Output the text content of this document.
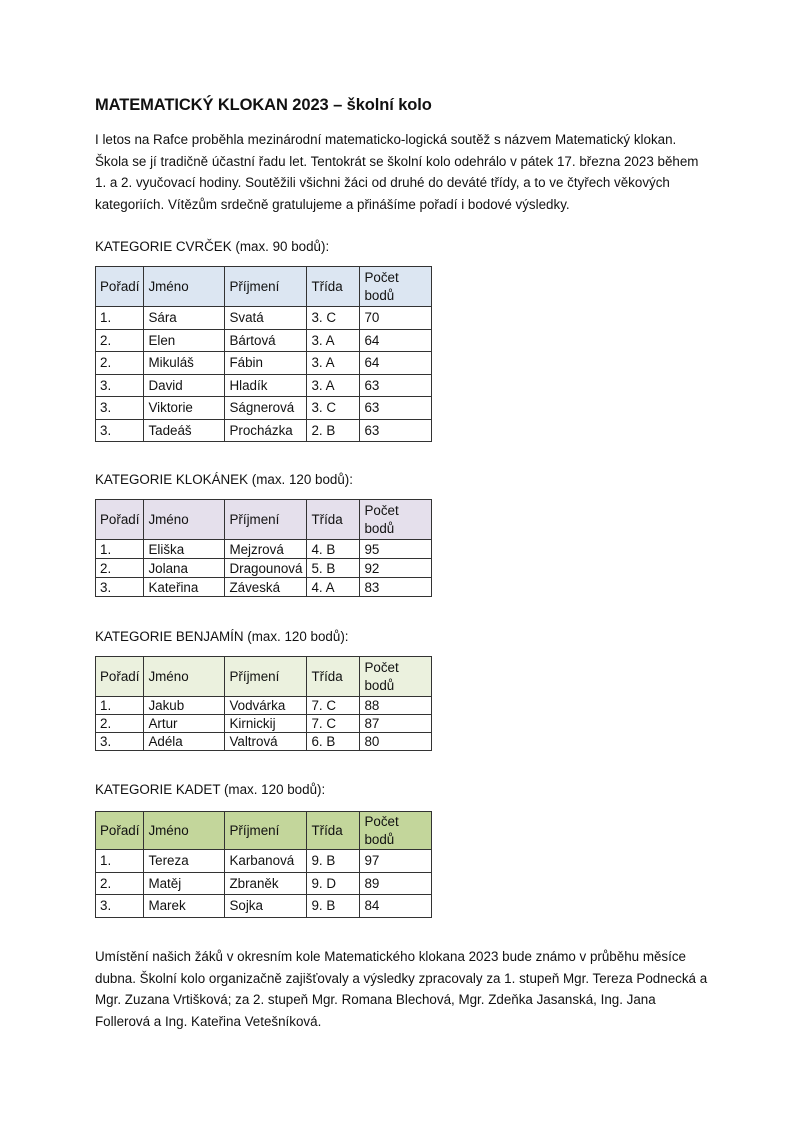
MATEMATICKÝ KLOKAN 2023 – školní kolo
I letos na Rafce proběhla mezinárodní matematicko-logická soutěž s názvem Matematický klokan.
Škola se jí tradičně účastní řadu let. Tentokrát se školní kolo odehrálo v pátek 17. března 2023 během
1. a 2. vyučovací hodiny. Soutěžili všichni žáci od druhé do deváté třídy, a to ve čtyřech věkových
kategoriích. Vítězům srdečně gratulujeme a přinášíme pořadí i bodové výsledky.
KATEGORIE CVRČEK (max. 90 bodů):
Pořadí	Jméno	Příjmení	Třída	Počet
bodů

1.	Sára	Svatá	3. C	70
2.	Elen	Bártová	3. A	64
2.	Mikuláš	Fábin	3. A	64
3.	David	Hladík	3. A	63
3.	Viktorie	Ságnerová	3. C	63
3.	Tadeáš	Procházka	2. B	63
KATEGORIE KLOKÁNEK (max. 120 bodů):
Pořadí	Jméno	Příjmení	Třída	Počet
bodů

1.	Eliška	Mejzrová	4. B	95
2.	Jolana	Dragounová	5. B	92
3.	Kateřina	Záveská	4. A	83
KATEGORIE BENJAMÍN (max. 120 bodů):
Pořadí	Jméno	Příjmení	Třída	Počet
bodů

1.	Jakub	Vodvárka	7. C	88
2.	Artur	Kirnickij	7. C	87
3.	Adéla	Valtrová	6. B	80
KATEGORIE KADET (max. 120 bodů):
Pořadí	Jméno	Příjmení	Třída	Počet
bodů

1.	Tereza	Karbanová	9. B	97
2.	Matěj	Zbraněk	9. D	89
3.	Marek	Sojka	9. B	84
Umístění našich žáků v okresním kole Matematického klokana 2023 bude známo v průběhu měsíce
dubna. Školní kolo organizačně zajišťovaly a výsledky zpracovaly za 1. stupeň Mgr. Tereza Podnecká a
Mgr. Zuzana Vrtišková; za 2. stupeň Mgr. Romana Blechová, Mgr. Zdeňka Jasanská, Ing. Jana
Follerová a Ing. Kateřina Vetešníková.
